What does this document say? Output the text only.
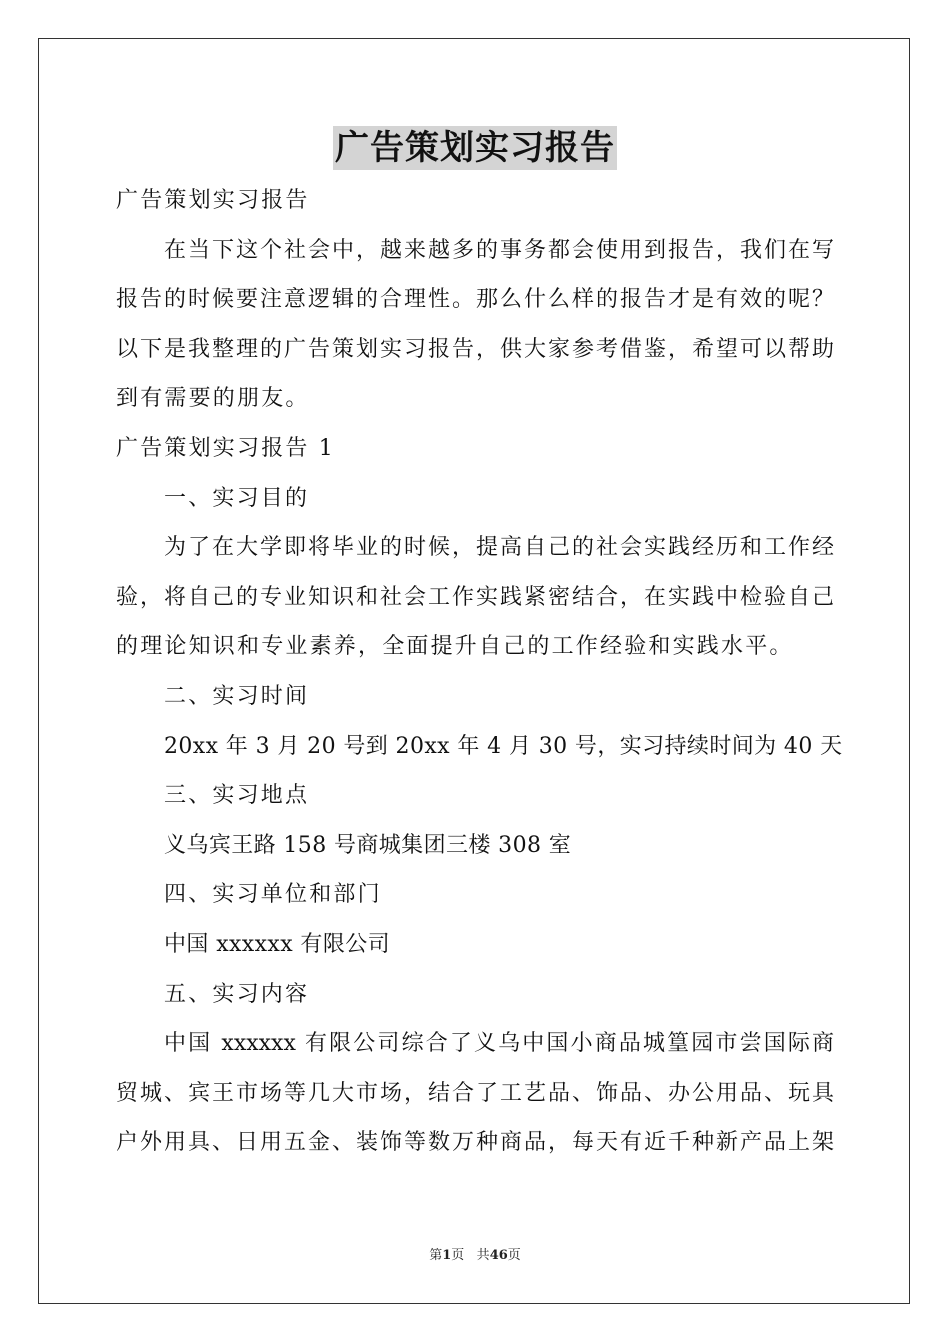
广告策划实习报告

广告策划实习报告

在当下这个社会中，越来越多的事务都会使用到报告，我们在写

报告的时候要注意逻辑的合理性。那么什么样的报告才是有效的呢？

以下是我整理的广告策划实习报告，供大家参考借鉴，希望可以帮助

到有需要的朋友。

广告策划实习报告 1

一、实习目的

为了在大学即将毕业的时候，提高自己的社会实践经历和工作经

验，将自己的专业知识和社会工作实践紧密结合，在实践中检验自己

的理论知识和专业素养，全面提升自己的工作经验和实践水平。

二、实习时间

20xx 年 3 月 20 号到 20xx 年 4 月 30 号，实习持续时间为 40 天

三、实习地点

义乌宾王路 158 号商城集团三楼 308 室

四、实习单位和部门

中国 xxxxxx 有限公司

五、实习内容

中国 xxxxxx 有限公司综合了义乌中国小商品城篁园市尝国际商

贸城、宾王市场等几大市场，结合了工艺品、饰品、办公用品、玩具

户外用具、日用五金、装饰等数万种商品，每天有近千种新产品上架

第1页 共46页
